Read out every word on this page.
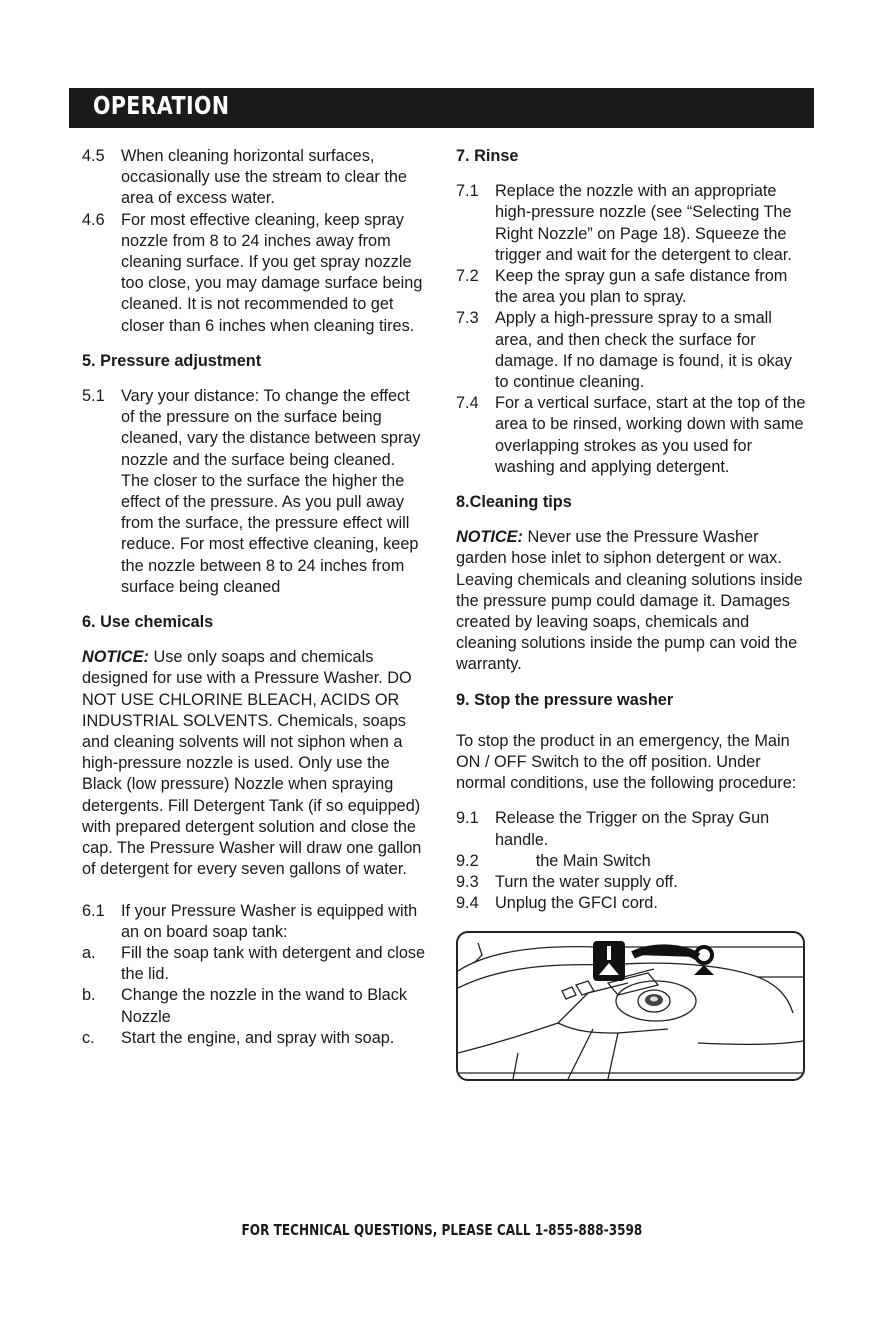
OPERATION
4.5	When cleaning horizontal surfaces, occasionally use the stream to clear the area of excess water.
4.6	For most effective cleaning, keep spray nozzle from 8 to 24 inches away from cleaning surface. If you get spray nozzle too close, you may damage surface being cleaned. It is not recommended to get closer than 6 inches when cleaning tires.
5. Pressure adjustment
5.1	Vary your distance: To change the effect of the pressure on the surface being cleaned, vary the distance between spray nozzle and the surface being cleaned. The closer to the surface the higher the effect of the pressure. As you pull away from the surface, the pressure effect will reduce. For most effective cleaning, keep the nozzle between 8 to 24 inches from surface being cleaned
6. Use chemicals
NOTICE: Use only soaps and chemicals designed for use with a Pressure Washer. DO NOT USE CHLORINE BLEACH, ACIDS OR INDUSTRIAL SOLVENTS. Chemicals, soaps and cleaning solvents will not siphon when a high-pressure nozzle is used. Only use the Black (low pressure) Nozzle when spraying detergents. Fill Detergent Tank (if so equipped) with prepared detergent solution and close the cap. The Pressure Washer will draw one gallon of detergent for every seven gallons of water.
6.1	If your Pressure Washer is equipped with an on board soap tank:
a.	Fill the soap tank with detergent and close the lid.
b.	Change the nozzle in the wand to Black Nozzle
c.	Start the engine, and spray with soap.
7. Rinse
7.1	Replace the nozzle with an appropriate high-pressure nozzle (see “Selecting The Right Nozzle” on Page 18). Squeeze the trigger and wait for the detergent to clear.
7.2	Keep the spray gun a safe distance from the area you plan to spray.
7.3	Apply a high-pressure spray to a small area, and then check the surface for damage. If no damage is found, it is okay to continue cleaning.
7.4	For a vertical surface, start at the top of the area to be rinsed, working down with same overlapping strokes as you used for washing and applying detergent.
8.Cleaning tips
NOTICE: Never use the Pressure Washer garden hose inlet to siphon detergent or wax. Leaving chemicals and cleaning solutions inside the pressure pump could damage it. Damages created by leaving soaps, chemicals and cleaning solutions inside the pump can void the warranty.
9. Stop the pressure washer
To stop the product in an emergency, the Main ON / OFF Switch to the off position. Under normal conditions, use the following procedure:
9.1	Release the Trigger on the Spray Gun handle.
9.2	the Main Switch
9.3	Turn the water supply off.
9.4	Unplug the GFCI cord.
FOR TECHNICAL QUESTIONS, PLEASE CALL 1-855-888-3598
